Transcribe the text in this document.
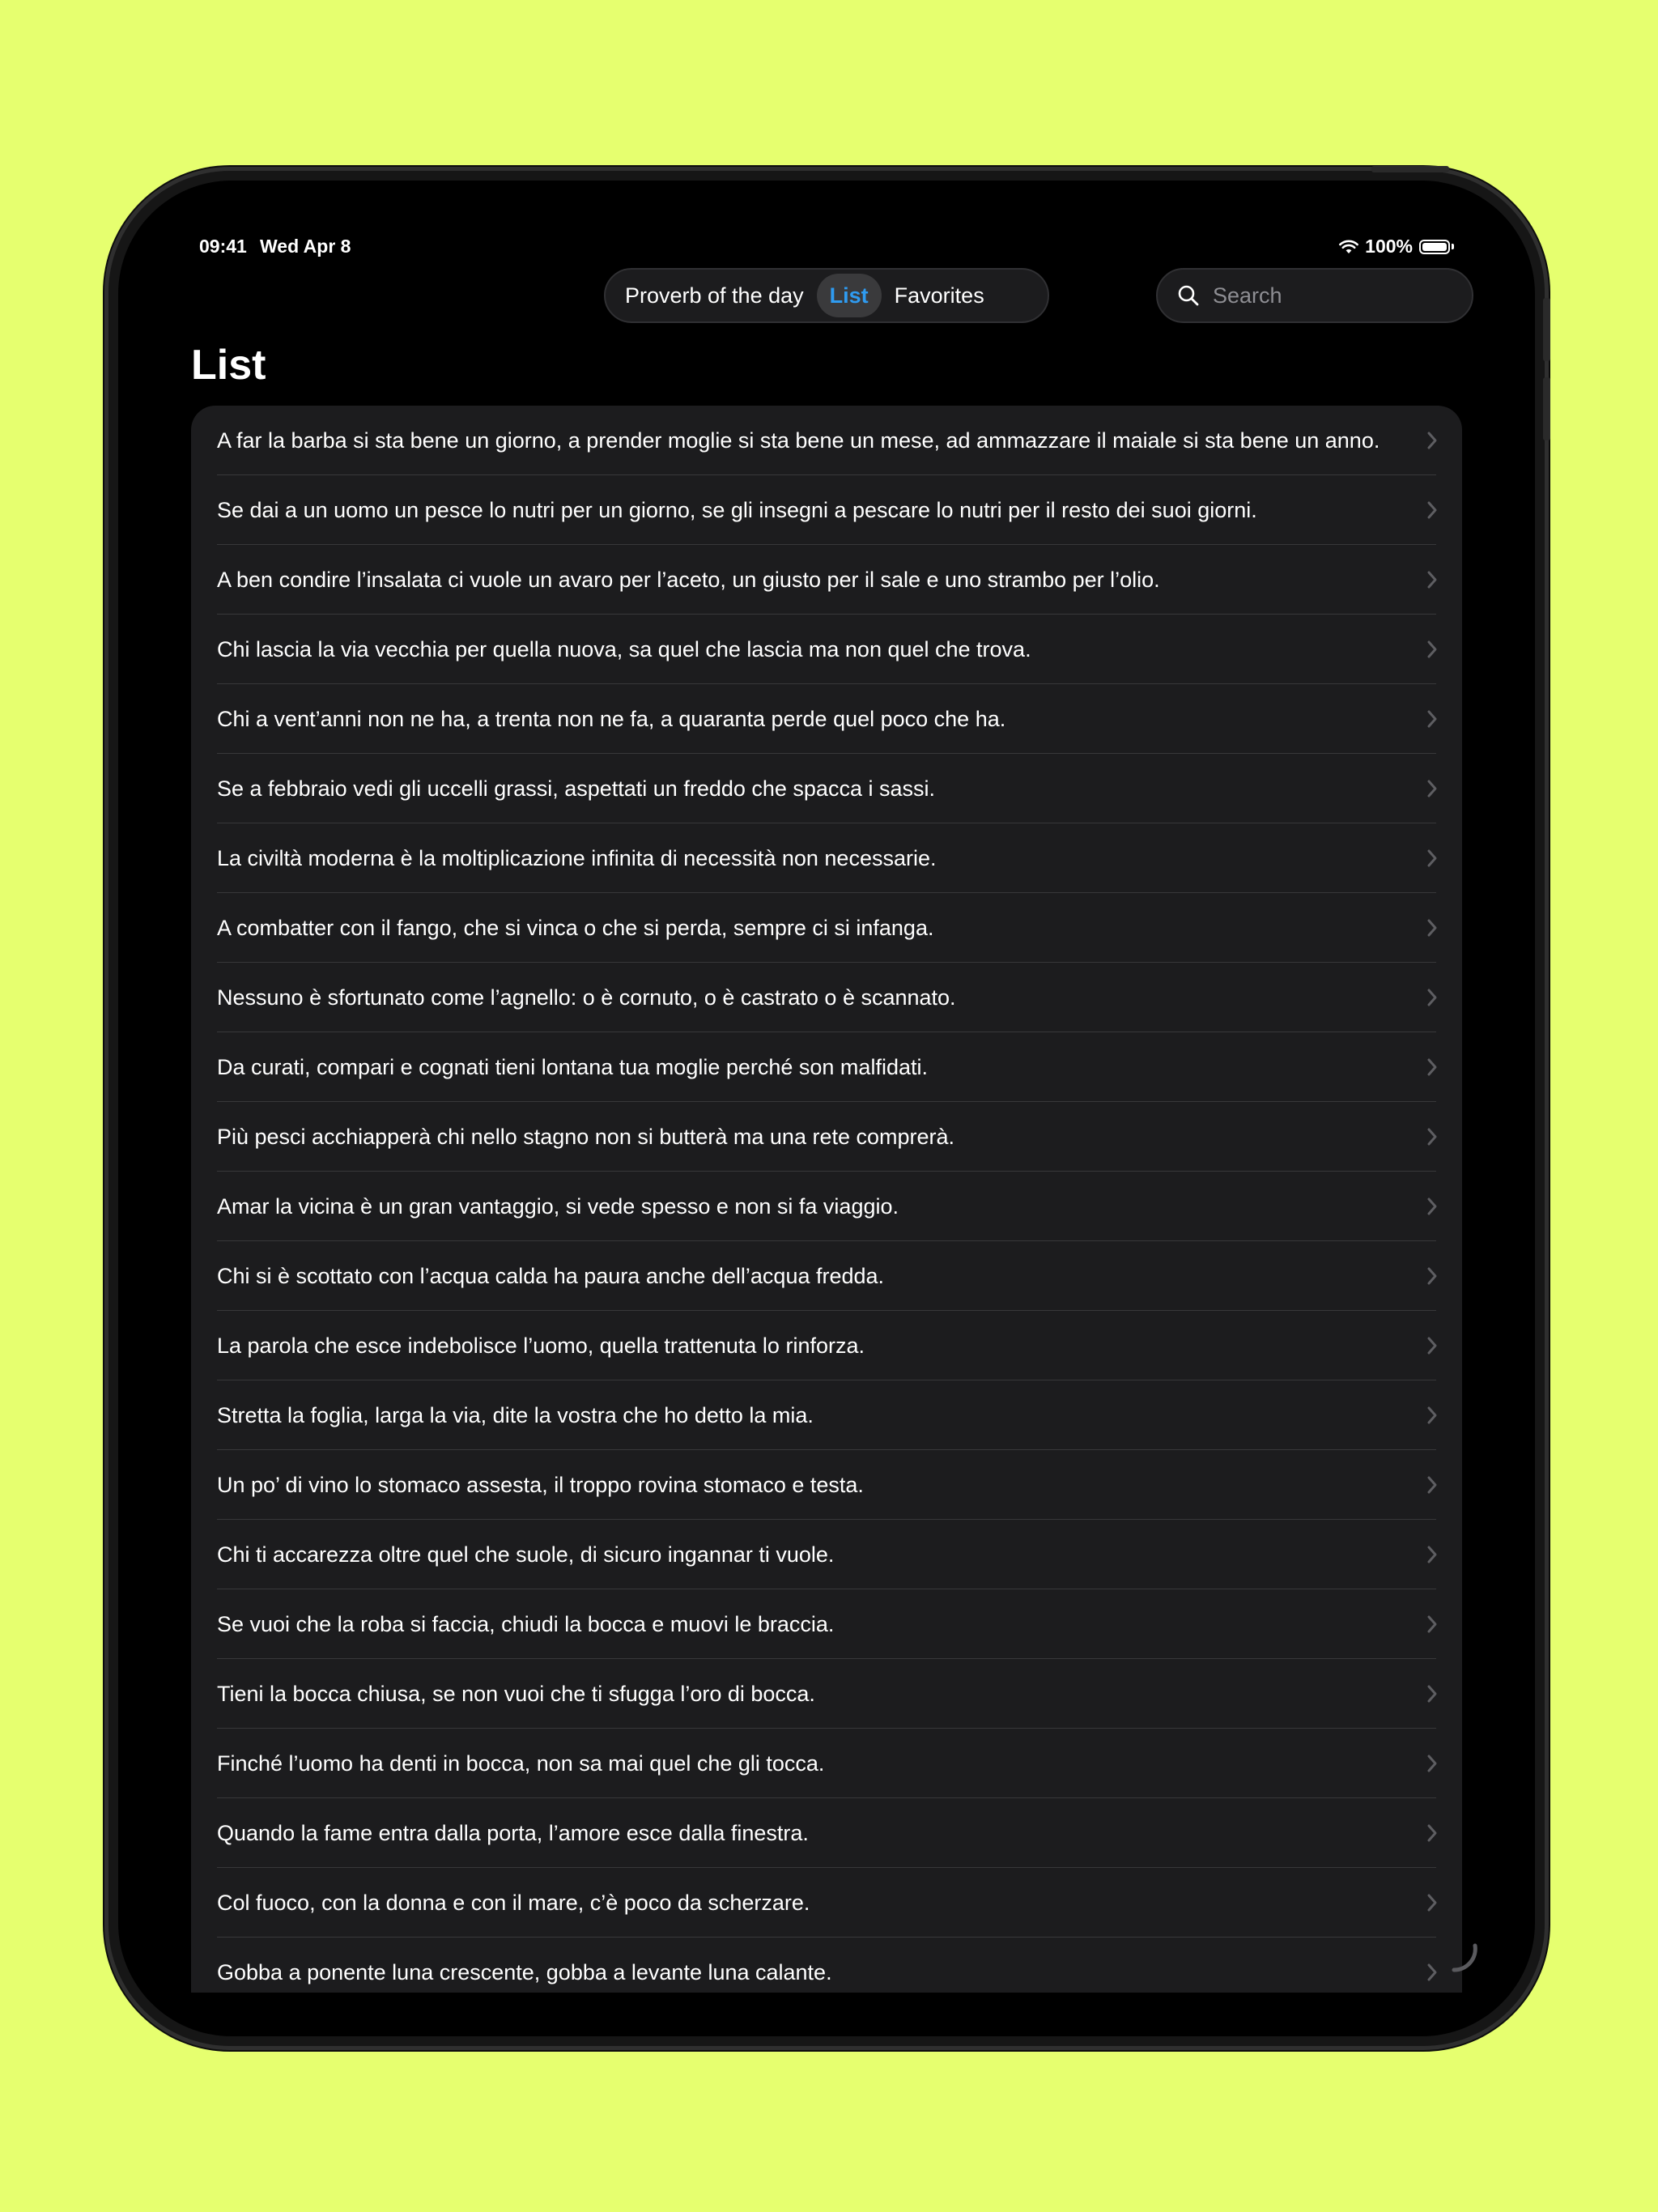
09:41 Wed Apr 8	100%
Proverb of the day	List	Favorites
Search
List
A far la barba si sta bene un giorno, a prender moglie si sta bene un mese, ad ammazzare il maiale si sta bene un anno.
Se dai a un uomo un pesce lo nutri per un giorno, se gli insegni a pescare lo nutri per il resto dei suoi giorni.
A ben condire l’insalata ci vuole un avaro per l’aceto, un giusto per il sale e uno strambo per l’olio.
Chi lascia la via vecchia per quella nuova, sa quel che lascia ma non quel che trova.
Chi a vent’anni non ne ha, a trenta non ne fa, a quaranta perde quel poco che ha.
Se a febbraio vedi gli uccelli grassi, aspettati un freddo che spacca i sassi.
La civiltà moderna è la moltiplicazione infinita di necessità non necessarie.
A combatter con il fango, che si vinca o che si perda, sempre ci si infanga.
Nessuno è sfortunato come l’agnello: o è cornuto, o è castrato o è scannato.
Da curati, compari e cognati tieni lontana tua moglie perché son malfidati.
Più pesci acchiapperà chi nello stagno non si butterà ma una rete comprerà.
Amar la vicina è un gran vantaggio, si vede spesso e non si fa viaggio.
Chi si è scottato con l’acqua calda ha paura anche dell’acqua fredda.
La parola che esce indebolisce l’uomo, quella trattenuta lo rinforza.
Stretta la foglia, larga la via, dite la vostra che ho detto la mia.
Un po’ di vino lo stomaco assesta, il troppo rovina stomaco e testa.
Chi ti accarezza oltre quel che suole, di sicuro ingannar ti vuole.
Se vuoi che la roba si faccia, chiudi la bocca e muovi le braccia.
Tieni la bocca chiusa, se non vuoi che ti sfugga l’oro di bocca.
Finché l’uomo ha denti in bocca, non sa mai quel che gli tocca.
Quando la fame entra dalla porta, l’amore esce dalla finestra.
Col fuoco, con la donna e con il mare, c’è poco da scherzare.
Gobba a ponente luna crescente, gobba a levante luna calante.
